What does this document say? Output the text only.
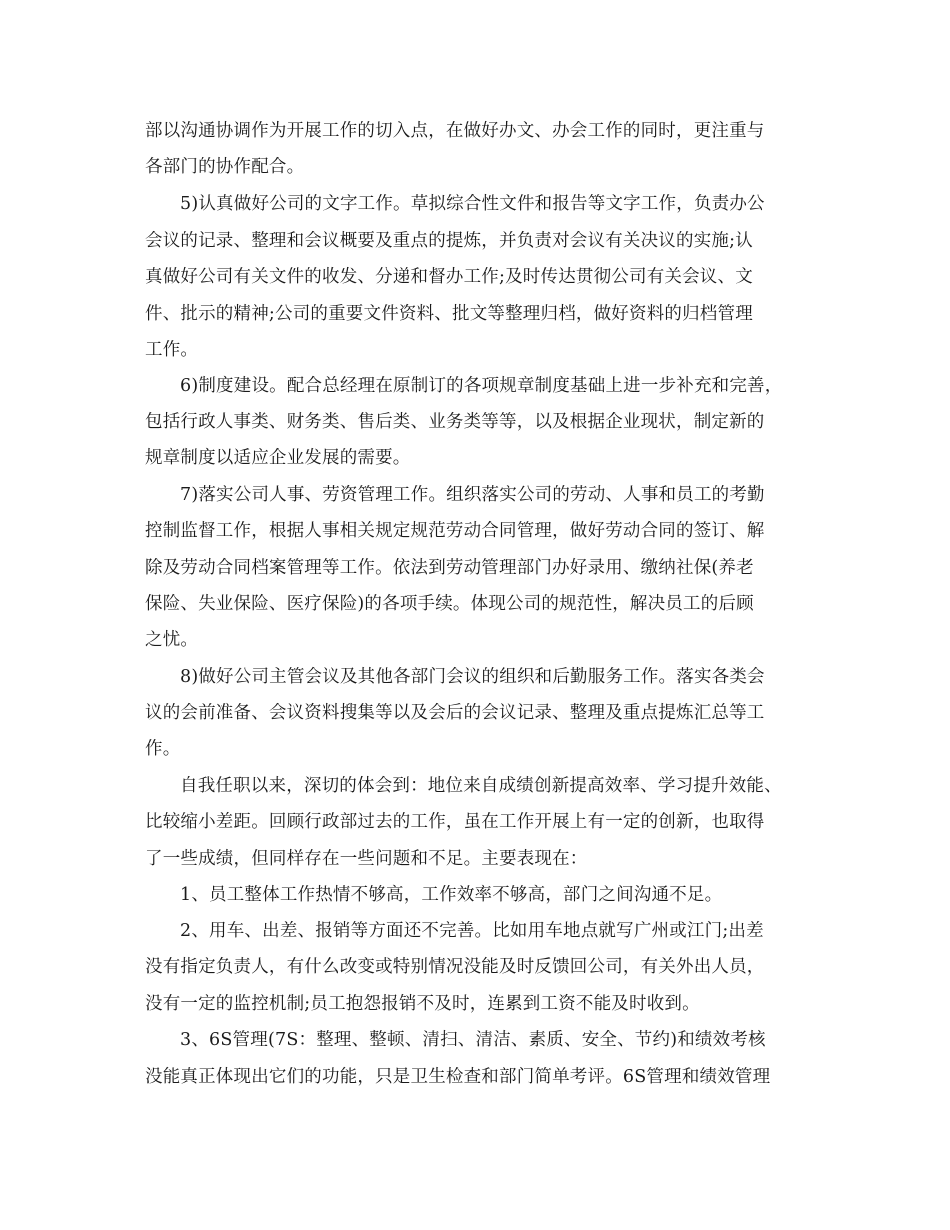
部以沟通协调作为开展工作的切入点，在做好办文、办会工作的同时，更注重与
各部门的协作配合。
5)认真做好公司的文字工作。草拟综合性文件和报告等文字工作，负责办公
会议的记录、整理和会议概要及重点的提炼，并负责对会议有关决议的实施;认
真做好公司有关文件的收发、分递和督办工作;及时传达贯彻公司有关会议、文
件、批示的精神;公司的重要文件资料、批文等整理归档，做好资料的归档管理
工作。
6)制度建设。配合总经理在原制订的各项规章制度基础上进一步补充和完善，
包括行政人事类、财务类、售后类、业务类等等，以及根据企业现状，制定新的
规章制度以适应企业发展的需要。
7)落实公司人事、劳资管理工作。组织落实公司的劳动、人事和员工的考勤
控制监督工作，根据人事相关规定规范劳动合同管理，做好劳动合同的签订、解
除及劳动合同档案管理等工作。依法到劳动管理部门办好录用、缴纳社保(养老
保险、失业保险、医疗保险)的各项手续。体现公司的规范性，解决员工的后顾
之忧。
8)做好公司主管会议及其他各部门会议的组织和后勤服务工作。落实各类会
议的会前准备、会议资料搜集等以及会后的会议记录、整理及重点提炼汇总等工
作。
自我任职以来，深切的体会到：地位来自成绩创新提高效率、学习提升效能、
比较缩小差距。回顾行政部过去的工作，虽在工作开展上有一定的创新，也取得
了一些成绩，但同样存在一些问题和不足。主要表现在：
1、员工整体工作热情不够高，工作效率不够高，部门之间沟通不足。
2、用车、出差、报销等方面还不完善。比如用车地点就写广州或江门;出差
没有指定负责人，有什么改变或特别情况没能及时反馈回公司，有关外出人员，
没有一定的监控机制;员工抱怨报销不及时，连累到工资不能及时收到。
3、6S管理(7S：整理、整顿、清扫、清洁、素质、安全、节约)和绩效考核
没能真正体现出它们的功能，只是卫生检查和部门简单考评。6S管理和绩效管理
